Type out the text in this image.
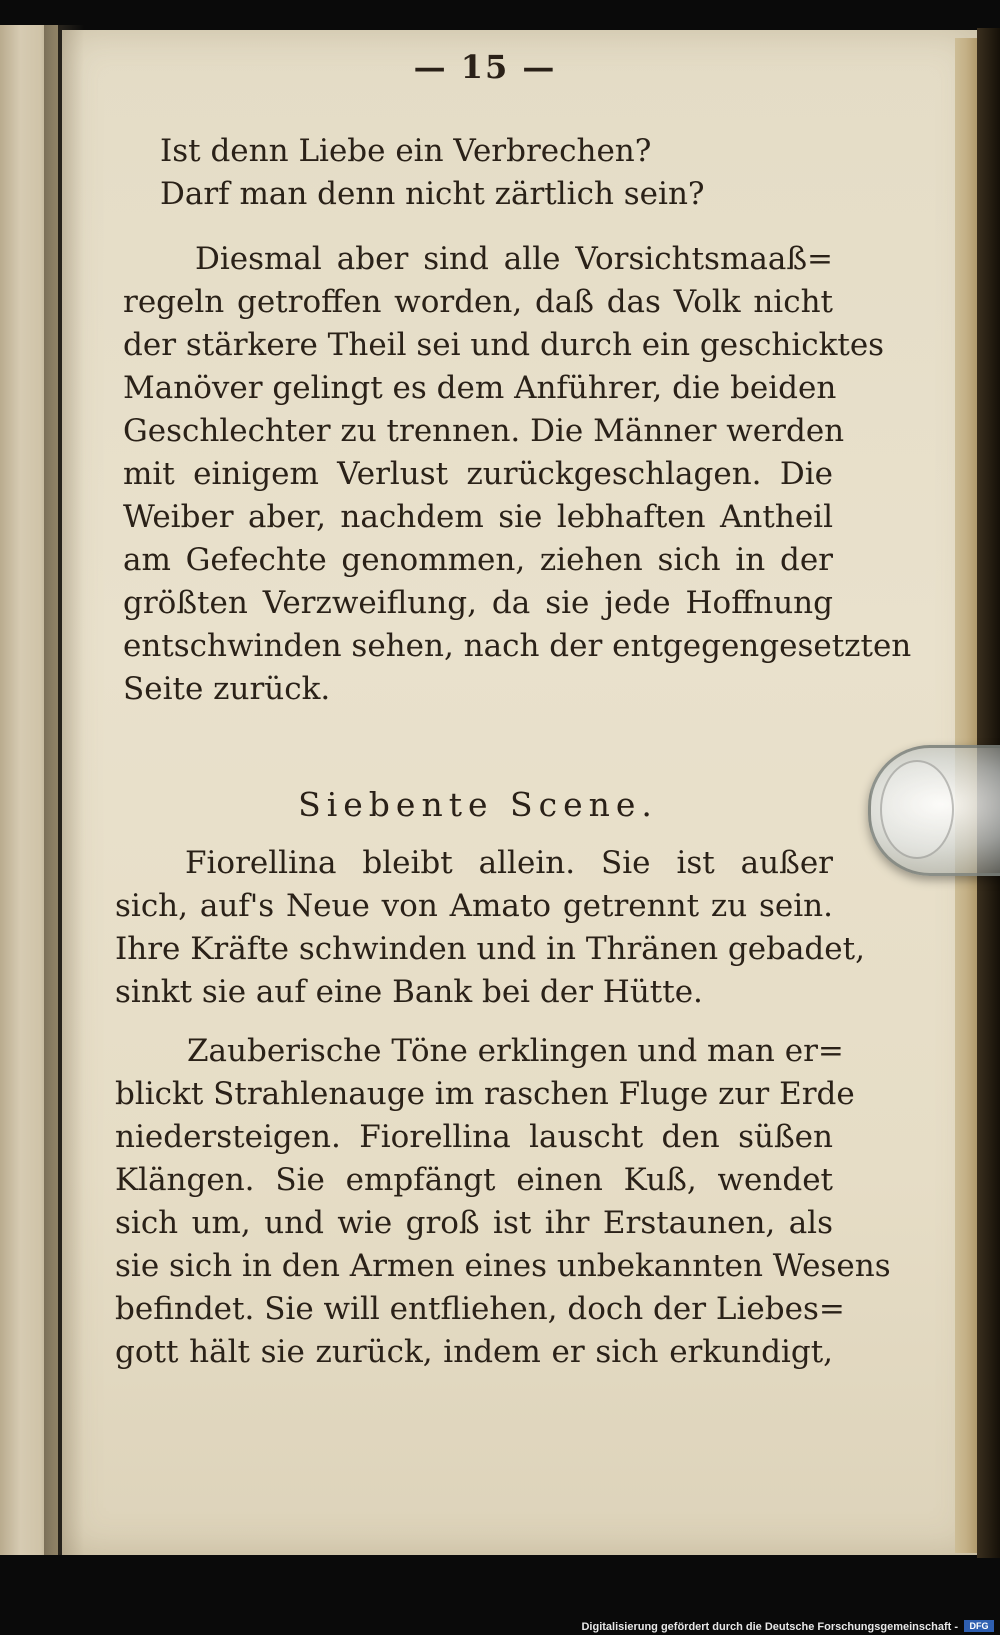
— 15 —
Ist denn Liebe ein Verbrechen?
Darf man denn nicht zärtlich sein?
Diesmal aber sind alle Vorsichtsmaaß=
regeln getroffen worden, daß das Volk nicht
der stärkere Theil sei und durch ein geschicktes
Manöver gelingt es dem Anführer, die beiden
Geschlechter zu trennen. Die Männer werden
mit einigem Verlust zurückgeschlagen. Die
Weiber aber, nachdem sie lebhaften Antheil
am Gefechte genommen, ziehen sich in der
größten Verzweiflung, da sie jede Hoffnung
entschwinden sehen, nach der entgegengesetzten
Seite zurück.
Siebente Scene.
Fiorellina bleibt allein. Sie ist außer
sich, auf's Neue von Amato getrennt zu sein.
Ihre Kräfte schwinden und in Thränen gebadet,
sinkt sie auf eine Bank bei der Hütte.
Zauberische Töne erklingen und man er=
blickt Strahlenauge im raschen Fluge zur Erde
niedersteigen. Fiorellina lauscht den süßen
Klängen. Sie empfängt einen Kuß, wendet
sich um, und wie groß ist ihr Erstaunen, als
sie sich in den Armen eines unbekannten Wesens
befindet. Sie will entfliehen, doch der Liebes=
gott hält sie zurück, indem er sich erkundigt,
Digitalisierung gefördert durch die Deutsche Forschungsgemeinschaft -	DFG
